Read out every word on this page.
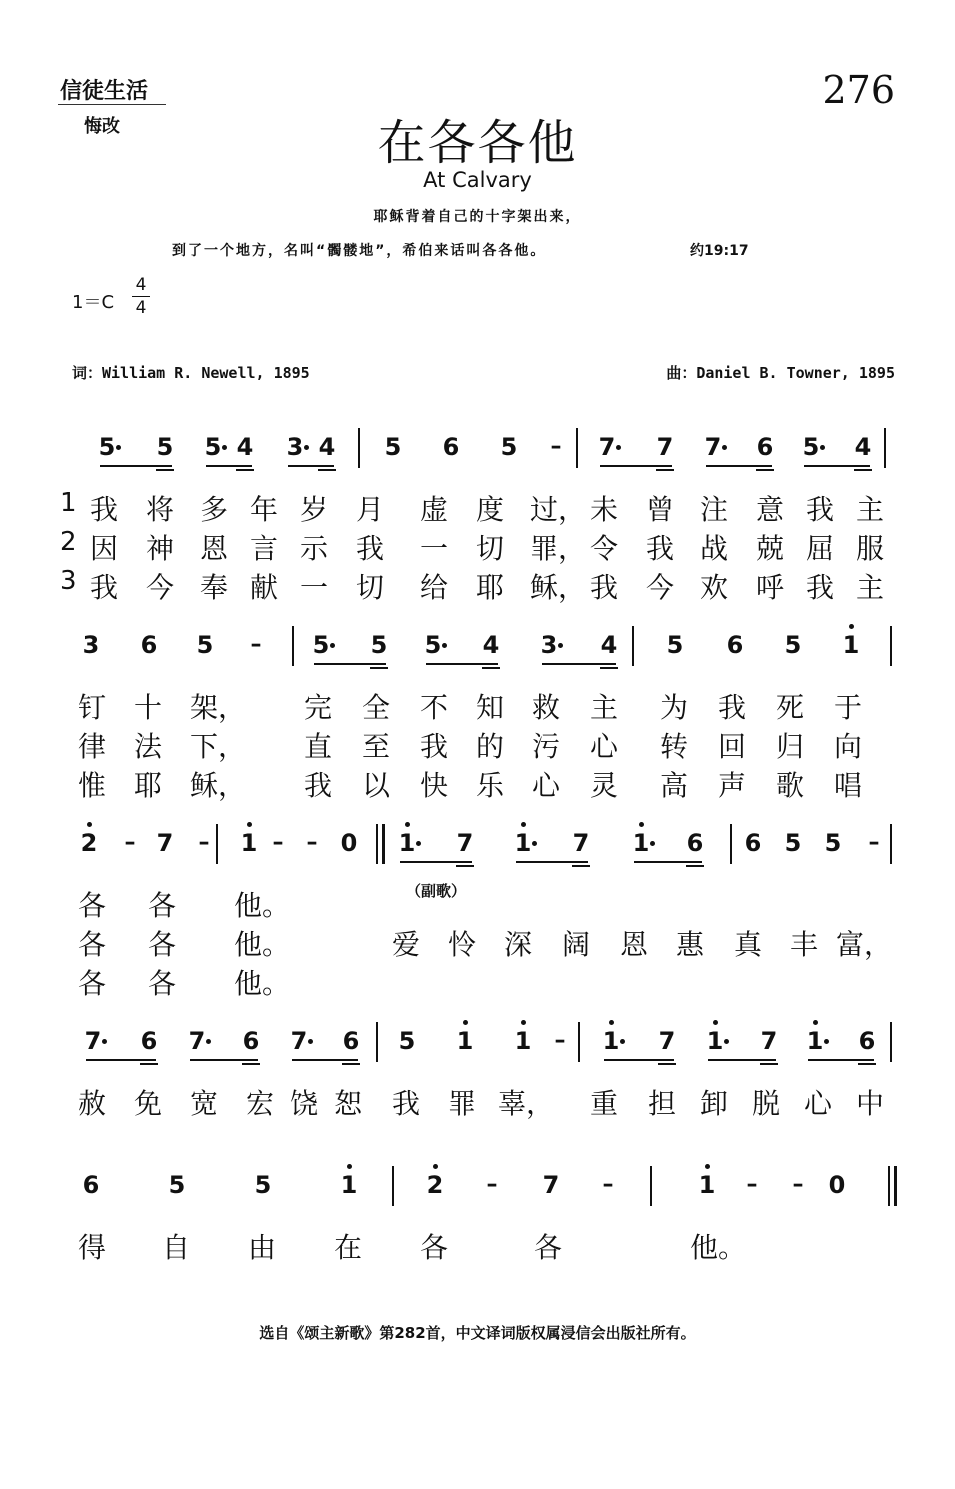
信徒生活
悔改
276
在各各他
At Calvary
耶稣背着自己的十字架出来，
到了一个地方，名叫“髑髅地”，希伯来话叫各各他。	约19:17
1＝C
4
4
词：William R. Newell, 1895	曲：Daniel B. Towner, 1895
5 5 5 4 3 4 5 6 5	– 7 7 7 6 5 4
1 我 将 多 年 岁 月 虚 度 过， 未 曾 注 意 我 主
2 因 神 恩 言 示 我 一 切 罪， 令 我 战 兢 屈 服
3 我 今 奉 献 一 切 给 耶 稣， 我 今 欢 呼 我 主
3 6 5	– 5 5 5 4 3 4 5 6 5 1
钉 十 架， 完 全 不 知 救 主 为 我 死 于
律 法 下， 直 至 我 的 污 心 转 回 归 向
惟 耶 稣， 我 以 快 乐 心 灵 高 声 歌 唱
2	– 7	– 1 – – 0 1 7 1 7 1 6 6 5 5	–
各 各 他。
各 各 他。	爱 怜 深 阔 恩 惠 真 丰 富，
各 各 他。
7 6 7 6 7 6 5 1 1	– 1 7 1 7 1 6
赦 免 宽 宏 饶 恕 我 罪 辜， 重 担 卸 脱 心 中
6	5	5	1	2	– 7	–	1	– – 0
得 自 由 在 各	各	他。
（副歌）
选自《颂主新歌》第282首，中文译词版权属浸信会出版社所有。
